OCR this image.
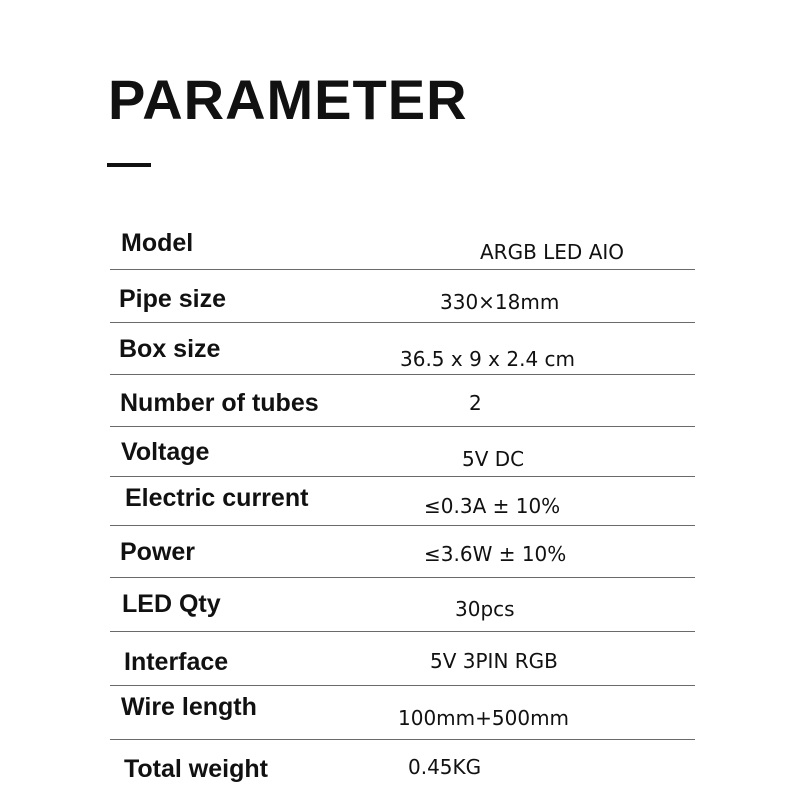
PARAMETER
Model	ARGB LED AIO
Pipe size	330×18mm
Box size	36.5 x 9 x 2.4 cm
Number of tubes	2
Voltage	5V DC
Electric current	≤0.3A ± 10%
Power	≤3.6W ± 10%
LED Qty	30pcs
Interface	5V 3PIN RGB
Wire length	100mm+500mm
Total weight	0.45KG
